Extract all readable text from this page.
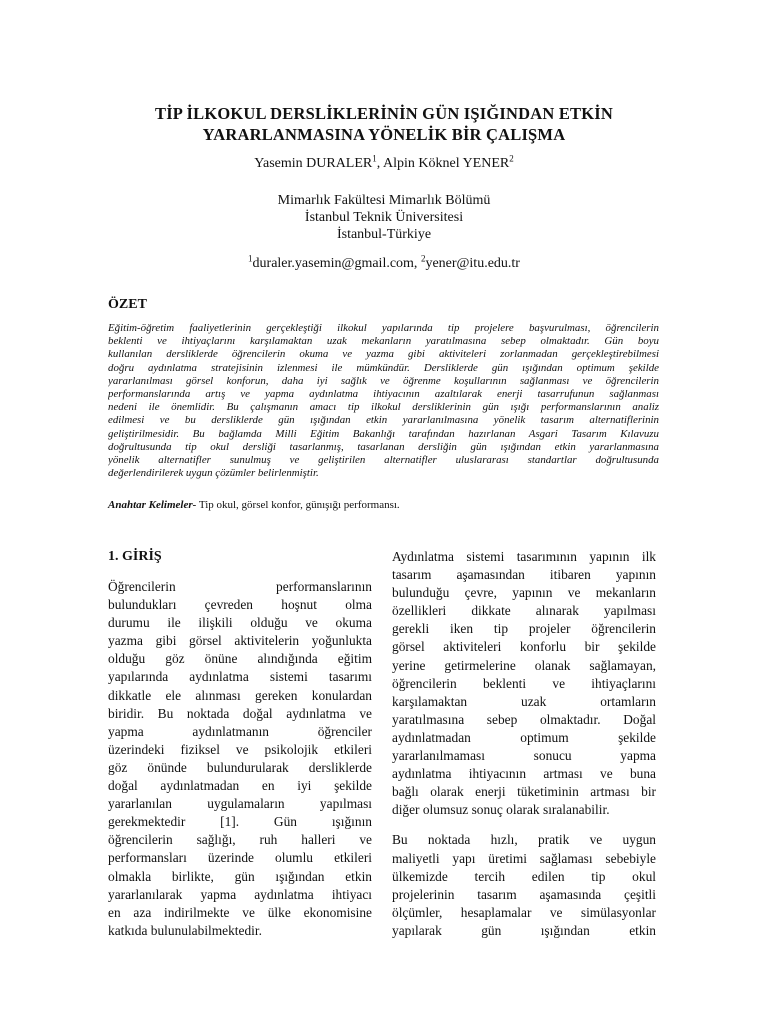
TİP İLKOKUL DERSLİKLERİNİN GÜN IŞIĞINDAN ETKİN
YARARLANMASINA YÖNELİK BİR ÇALIŞMA
Yasemin DURALER$^1$, Alpin Köknel YENER$^2$
Mimarlık Fakültesi Mimarlık Bölümü
İstanbul Teknik Üniversitesi
İstanbul-Türkiye
$^1$duraler.yasemin@gmail.com, $^2$yener@itu.edu.tr
ÖZET
Eğitim-öğretim faaliyetlerinin gerçekleştiği ilkokul yapılarında tip projelere başvurulması, öğrencilerin
beklenti ve ihtiyaçlarını karşılamaktan uzak mekanların yaratılmasına sebep olmaktadır. Gün boyu
kullanılan dersliklerde öğrencilerin okuma ve yazma gibi aktiviteleri zorlanmadan gerçekleştirebilmesi
doğru aydınlatma stratejisinin izlenmesi ile mümkündür. Dersliklerde gün ışığından optimum şekilde
yararlanılması görsel konforun, daha iyi sağlık ve öğrenme koşullarının sağlanması ve öğrencilerin
performanslarında artış ve yapma aydınlatma ihtiyacının azaltılarak enerji tasarrufunun sağlanması
nedeni ile önemlidir. Bu çalışmanın amacı tip ilkokul dersliklerinin gün ışığı performanslarının analiz
edilmesi ve bu dersliklerde gün ışığından etkin yararlanılmasına yönelik tasarım alternatiflerinin
geliştirilmesidir. Bu bağlamda Milli Eğitim Bakanlığı tarafından hazırlanan Asgari Tasarım Kılavuzu
doğrultusunda tip okul dersliği tasarlanmış, tasarlanan dersliğin gün ışığından etkin yararlanmasına
yönelik alternatifler sunulmuş ve geliştirilen alternatifler uluslararası standartlar doğrultusunda
değerlendirilerek uygun çözümler belirlenmiştir.
Anahtar Kelimeler- Tip okul, görsel konfor, günışığı performansı.
1. GİRİŞ
Öğrencilerin performanslarının
bulundukları çevreden hoşnut olma
durumu ile ilişkili olduğu ve okuma
yazma gibi görsel aktivitelerin yoğunlukta
olduğu göz önüne alındığında eğitim
yapılarında aydınlatma sistemi tasarımı
dikkatle ele alınması gereken konulardan
biridir. Bu noktada doğal aydınlatma ve
yapma aydınlatmanın öğrenciler
üzerindeki fiziksel ve psikolojik etkileri
göz önünde bulundurularak dersliklerde
doğal aydınlatmadan en iyi şekilde
yararlanılan uygulamaların yapılması
gerekmektedir [1]. Gün ışığının
öğrencilerin sağlığı, ruh halleri ve
performansları üzerinde olumlu etkileri
olmakla birlikte, gün ışığından etkin
yararlanılarak yapma aydınlatma ihtiyacı
en aza indirilmekte ve ülke ekonomisine
katkıda bulunulabilmektedir.
Aydınlatma sistemi tasarımının yapının ilk
tasarım aşamasından itibaren yapının
bulunduğu çevre, yapının ve mekanların
özellikleri dikkate alınarak yapılması
gerekli iken tip projeler öğrencilerin
görsel aktiviteleri konforlu bir şekilde
yerine getirmelerine olanak sağlamayan,
öğrencilerin beklenti ve ihtiyaçlarını
karşılamaktan uzak ortamların
yaratılmasına sebep olmaktadır. Doğal
aydınlatmadan optimum şekilde
yararlanılmaması sonucu yapma
aydınlatma ihtiyacının artması ve buna
bağlı olarak enerji tüketiminin artması bir
diğer olumsuz sonuç olarak sıralanabilir.
Bu noktada hızlı, pratik ve uygun
maliyetli yapı üretimi sağlaması sebebiyle
ülkemizde tercih edilen tip okul
projelerinin tasarım aşamasında çeşitli
ölçümler, hesaplamalar ve simülasyonlar
yapılarak gün ışığından etkin
